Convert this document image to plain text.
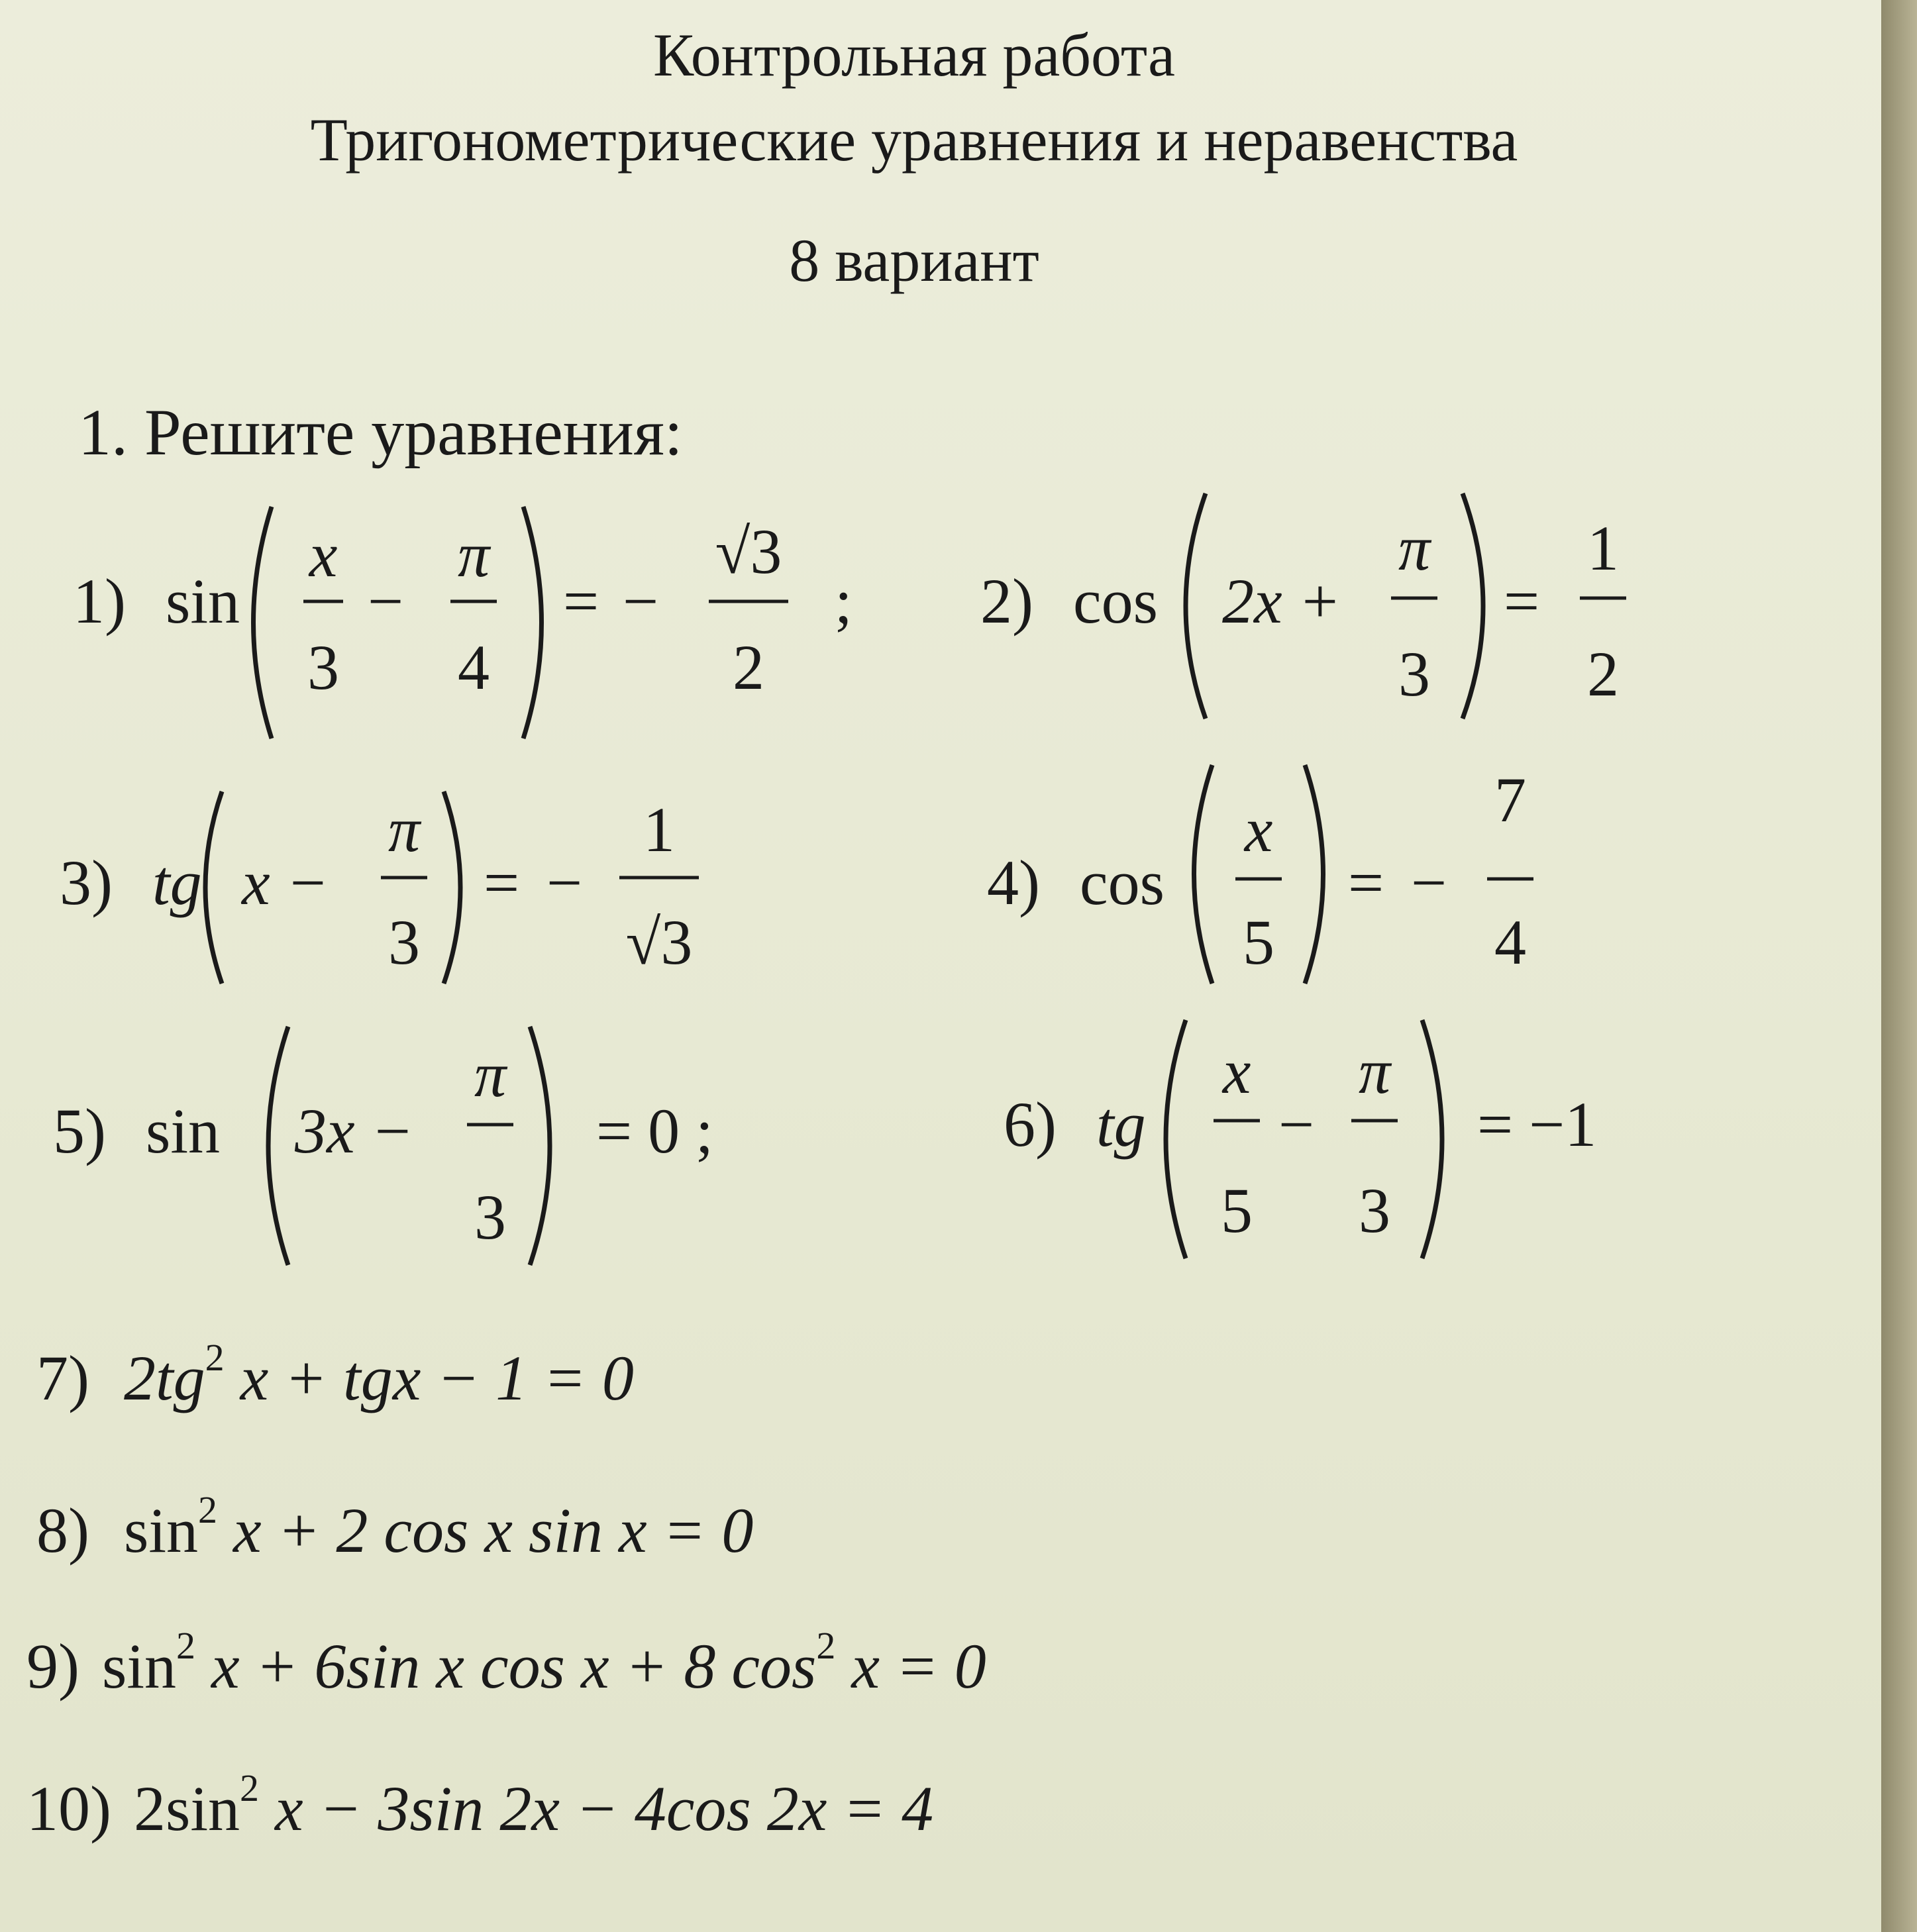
Контрольная работа
Тригонометрические уравнения и неравенства
8 вариант
1. Решите уравнения:
1) sin
x
3
−
π
4
= −
√3
2
; 2) cos 2x +
π
3
=
1
2
3) tg x −
π
3
= −
1
√3
4) cos
x
5
= −
7
4
5) sin 3x −
π
3
= 0 ;	6) tg
x
5
−
π
3
= −1
7) $2tg^2$ x + tgx − 1 = 0
8) $\sin^2 x + 2$ cos x sin x = 0
9) $\sin^2 x + 6\sin$ x cos x + 8 $\cos^2 x = 0$
10) $2\sin^2$ x − 3sin 2x − 4cos 2x = 4
